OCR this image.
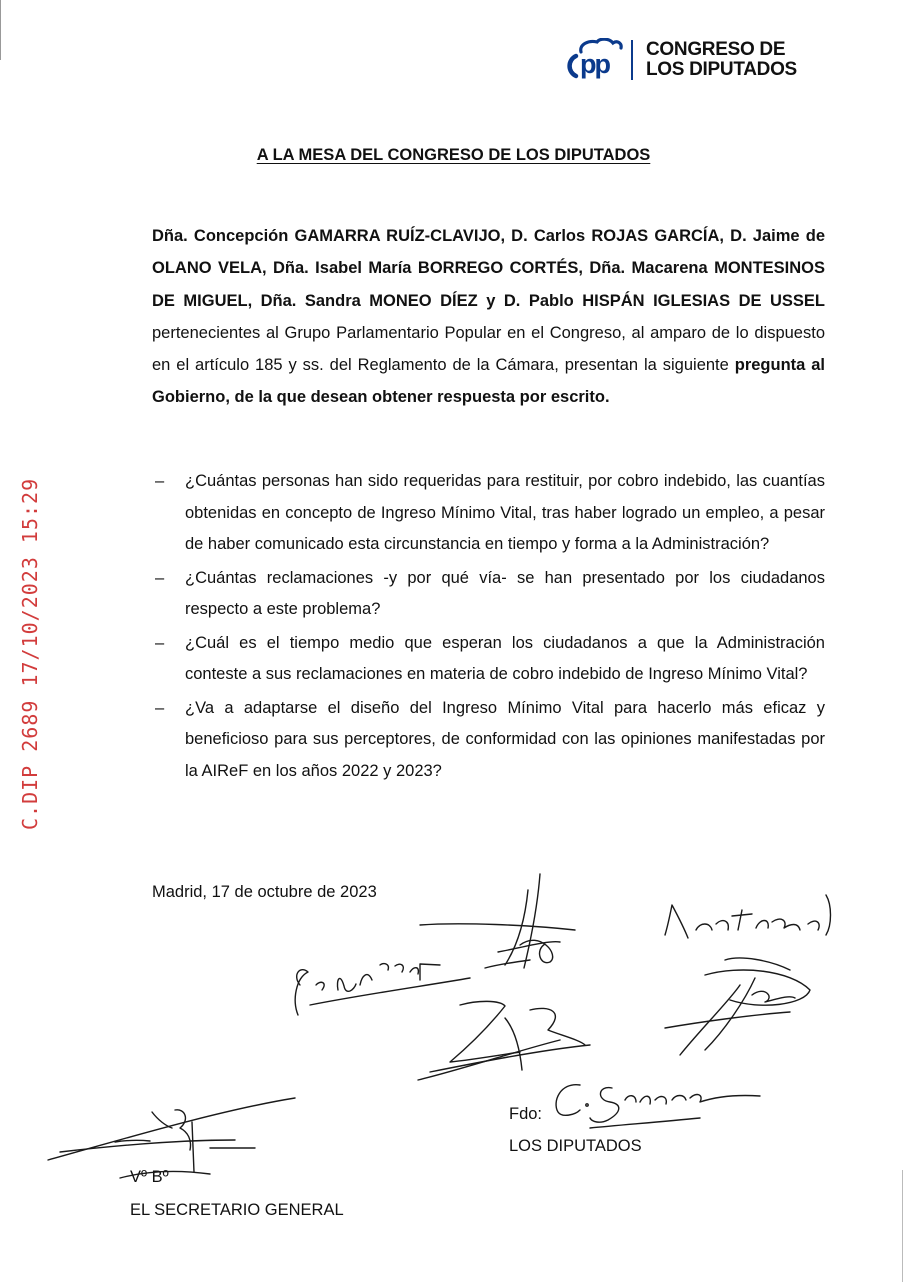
pp CONGRESO DE
LOS DIPUTADOS
C.DIP 2689 17/10/2023 15:29
A LA MESA DEL CONGRESO DE LOS DIPUTADOS

Dña. Concepción GAMARRA RUÍZ-CLAVIJO, D. Carlos ROJAS GARCÍA, D. Jaime de OLANO VELA, Dña. Isabel María BORREGO CORTÉS, Dña. Macarena MONTESINOS DE MIGUEL, Dña. Sandra MONEO DÍEZ y D. Pablo HISPÁN IGLESIAS DE USSEL pertenecientes al Grupo Parlamentario Popular en el Congreso, al amparo de lo dispuesto en el artículo 185 y ss. del Reglamento de la Cámara, presentan la siguiente pregunta al Gobierno, de la que desean obtener respuesta por escrito.

– ¿Cuántas personas han sido requeridas para restituir, por cobro indebido, las cuantías obtenidas en concepto de Ingreso Mínimo Vital, tras haber logrado un empleo, a pesar de haber comunicado esta circunstancia en tiempo y forma a la Administración?
– ¿Cuántas reclamaciones -y por qué vía- se han presentado por los ciudadanos respecto a este problema?
– ¿Cuál es el tiempo medio que esperan los ciudadanos a que la Administración conteste a sus reclamaciones en materia de cobro indebido de Ingreso Mínimo Vital?
– ¿Va a adaptarse el diseño del Ingreso Mínimo Vital para hacerlo más eficaz y beneficioso para sus perceptores, de conformidad con las opiniones manifestadas por la AIReF en los años 2022 y 2023?
Madrid, 17 de octubre de 2023
Fdo:
LOS DIPUTADOS
Vº Bº
EL SECRETARIO GENERAL
